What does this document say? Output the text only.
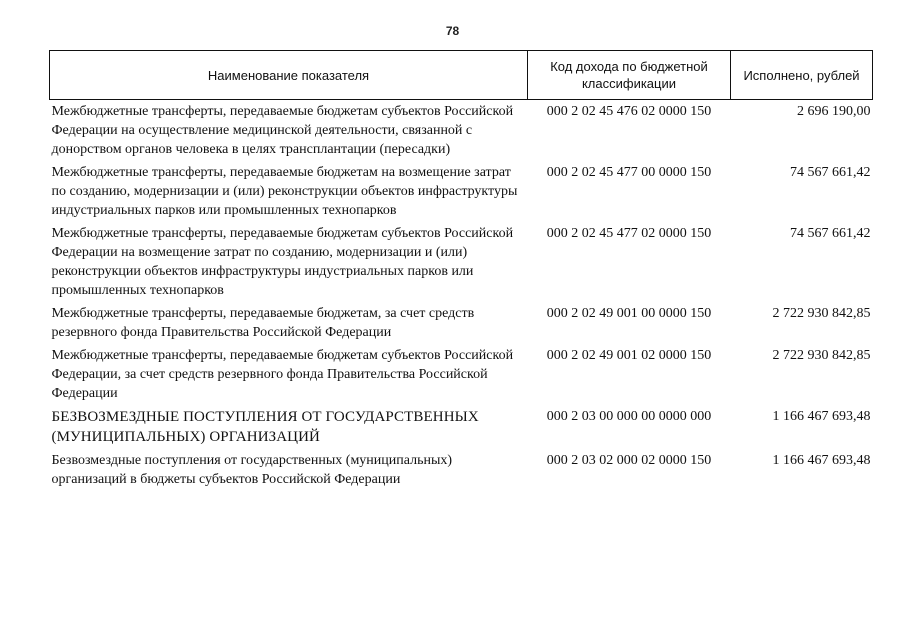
78
Наименование показателя	Код дохода по бюджетной классификации	Исполнено, рублей
Межбюджетные трансферты, передаваемые бюджетам субъектов Российской Федерации на осуществление медицинской деятельности, связанной с донорством органов человека в целях трансплантации (пересадки)	000 2 02 45 476 02 0000 150	2 696 190,00
Межбюджетные трансферты, передаваемые бюджетам на возмещение затрат по созданию, модернизации и (или) реконструкции объектов инфраструктуры индустриальных парков или промышленных технопарков	000 2 02 45 477 00 0000 150	74 567 661,42
Межбюджетные трансферты, передаваемые бюджетам субъектов Российской Федерации на возмещение затрат по созданию, модернизации и (или) реконструкции объектов инфраструктуры индустриальных парков или промышленных технопарков	000 2 02 45 477 02 0000 150	74 567 661,42
Межбюджетные трансферты, передаваемые бюджетам, за счет средств резервного фонда Правительства Российской Федерации	000 2 02 49 001 00 0000 150	2 722 930 842,85
Межбюджетные трансферты, передаваемые бюджетам субъектов Российской Федерации, за счет средств резервного фонда Правительства Российской Федерации	000 2 02 49 001 02 0000 150	2 722 930 842,85
БЕЗВОЗМЕЗДНЫЕ ПОСТУПЛЕНИЯ ОТ ГОСУДАРСТВЕННЫХ (МУНИЦИПАЛЬНЫХ) ОРГАНИЗАЦИЙ	000 2 03 00 000 00 0000 000	1 166 467 693,48
Безвозмездные поступления от государственных (муниципальных) организаций в бюджеты субъектов Российской Федерации	000 2 03 02 000 02 0000 150	1 166 467 693,48
